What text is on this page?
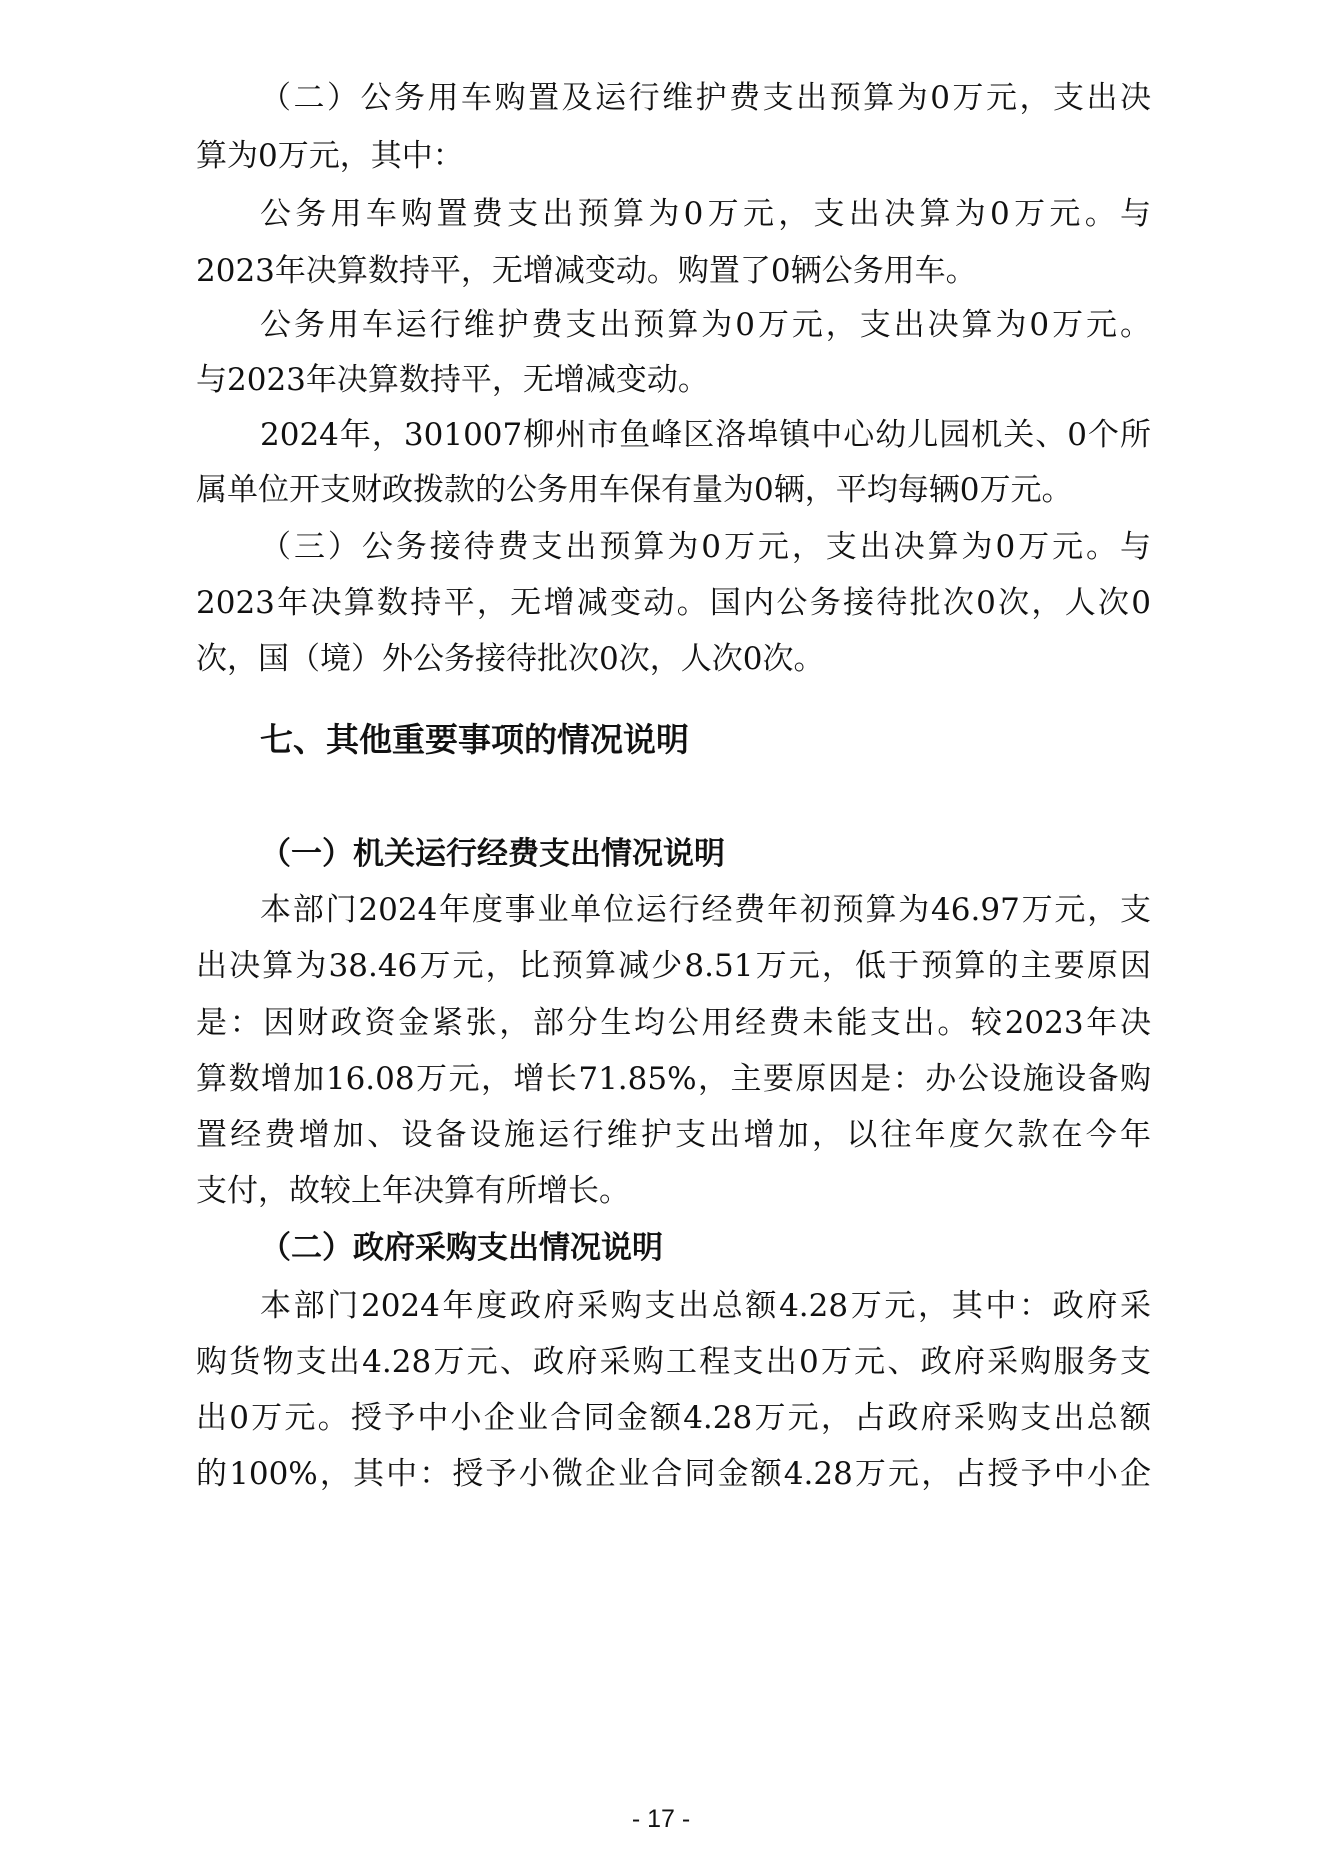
（二）公务用车购置及运行维护费支出预算为0万元，支出决
算为0万元，其中：
公务用车购置费支出预算为0万元，支出决算为0万元。与
2023年决算数持平，无增减变动。购置了0辆公务用车。
公务用车运行维护费支出预算为0万元，支出决算为0万元。
与2023年决算数持平，无增减变动。
2024年，301007柳州市鱼峰区洛埠镇中心幼儿园机关、0个所
属单位开支财政拨款的公务用车保有量为0辆，平均每辆0万元。
（三）公务接待费支出预算为0万元，支出决算为0万元。与
2023年决算数持平，无增减变动。国内公务接待批次0次，人次0
次，国（境）外公务接待批次0次，人次0次。
七、其他重要事项的情况说明
（一）机关运行经费支出情况说明
本部门2024年度事业单位运行经费年初预算为46.97万元，支
出决算为38.46万元，比预算减少8.51万元，低于预算的主要原因
是：因财政资金紧张，部分生均公用经费未能支出。较2023年决
算数增加16.08万元，增长71.85%，主要原因是：办公设施设备购
置经费增加、设备设施运行维护支出增加，以往年度欠款在今年
支付，故较上年决算有所增长。
（二）政府采购支出情况说明
本部门2024年度政府采购支出总额4.28万元，其中：政府采
购货物支出4.28万元、政府采购工程支出0万元、政府采购服务支
出0万元。授予中小企业合同金额4.28万元，占政府采购支出总额
的100%，其中：授予小微企业合同金额4.28万元，占授予中小企
- 17 -
